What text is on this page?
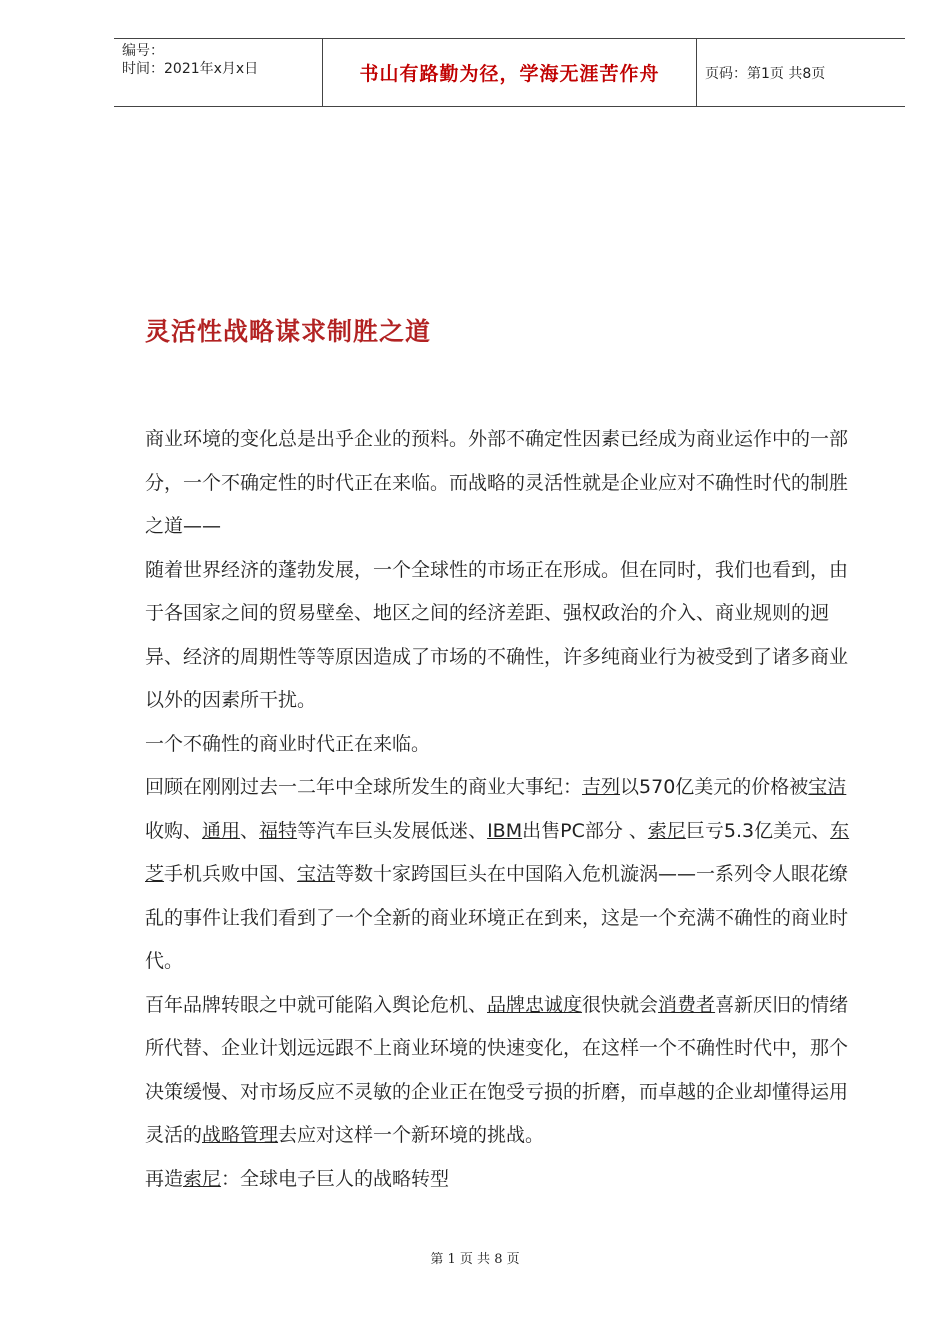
编号：
时间：2021年x月x日	书山有路勤为径，学海无涯苦作舟	页码：第1页 共8页
灵活性战略谋求制胜之道

商业环境的变化总是出乎企业的预料。外部不确定性因素已经成为商业运作中的一部分，一个不确定性的时代正在来临。而战略的灵活性就是企业应对不确性时代的制胜之道——

随着世界经济的蓬勃发展，一个全球性的市场正在形成。但在同时，我们也看到，由于各国家之间的贸易壁垒、地区之间的经济差距、强权政治的介入、商业规则的迥异、经济的周期性等等原因造成了市场的不确性，许多纯商业行为被受到了诸多商业以外的因素所干扰。

一个不确性的商业时代正在来临。

回顾在刚刚过去一二年中全球所发生的商业大事纪：吉列以570亿美元的价格被宝洁收购、通用、福特等汽车巨头发展低迷、IBM出售PC部分 、索尼巨亏5.3亿美元、东芝手机兵败中国、宝洁等数十家跨国巨头在中国陷入危机漩涡——一系列令人眼花缭乱的事件让我们看到了一个全新的商业环境正在到来，这是一个充满不确性的商业时代。

百年品牌转眼之中就可能陷入舆论危机、品牌忠诚度很快就会消费者喜新厌旧的情绪所代替、企业计划远远跟不上商业环境的快速变化，在这样一个不确性时代中，那个决策缓慢、对市场反应不灵敏的企业正在饱受亏损的折磨，而卓越的企业却懂得运用灵活的战略管理去应对这样一个新环境的挑战。

再造索尼：全球电子巨人的战略转型

第 1 页 共 8 页
